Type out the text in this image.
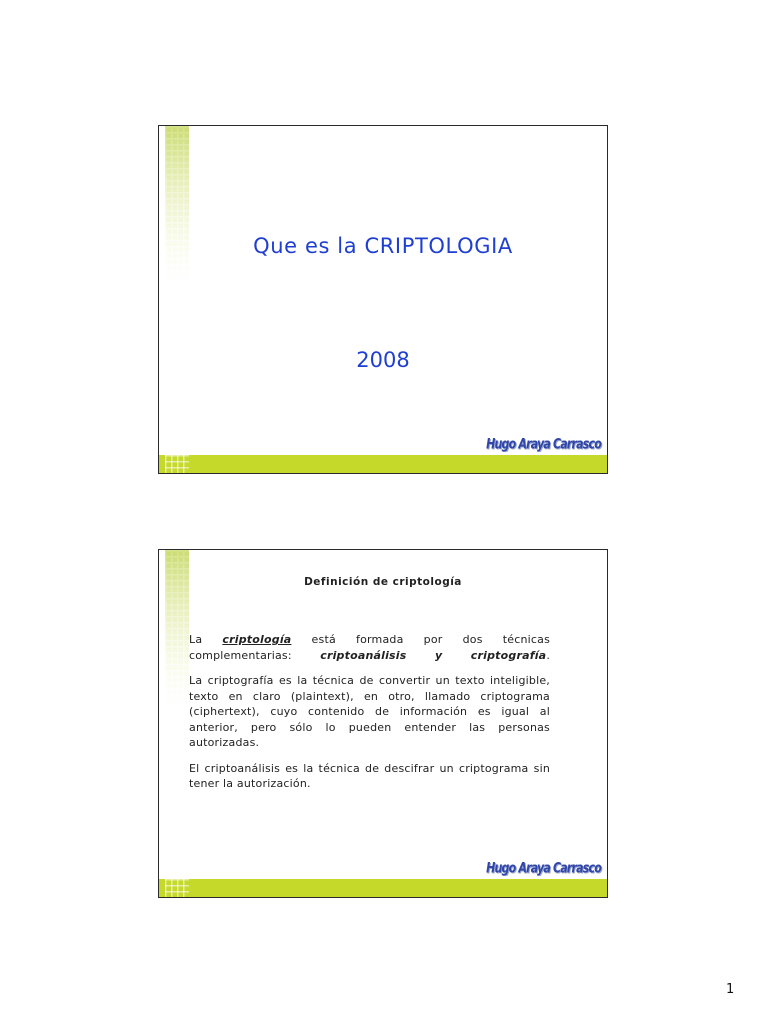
Que es la CRIPTOLOGIA
2008
Hugo Araya Carrasco
Definición de criptología

La criptología está formada por dos técnicas complementarias:	criptoanálisis	y	criptografía.

La criptografía es la técnica de convertir un texto inteligible, texto en claro (plaintext), en otro, llamado criptograma (ciphertext), cuyo contenido de información es igual al anterior, pero sólo lo pueden entender las personas autorizadas.

El criptoanálisis es la técnica de descifrar un criptograma sin tener la autorización.

Hugo Araya Carrasco
1
